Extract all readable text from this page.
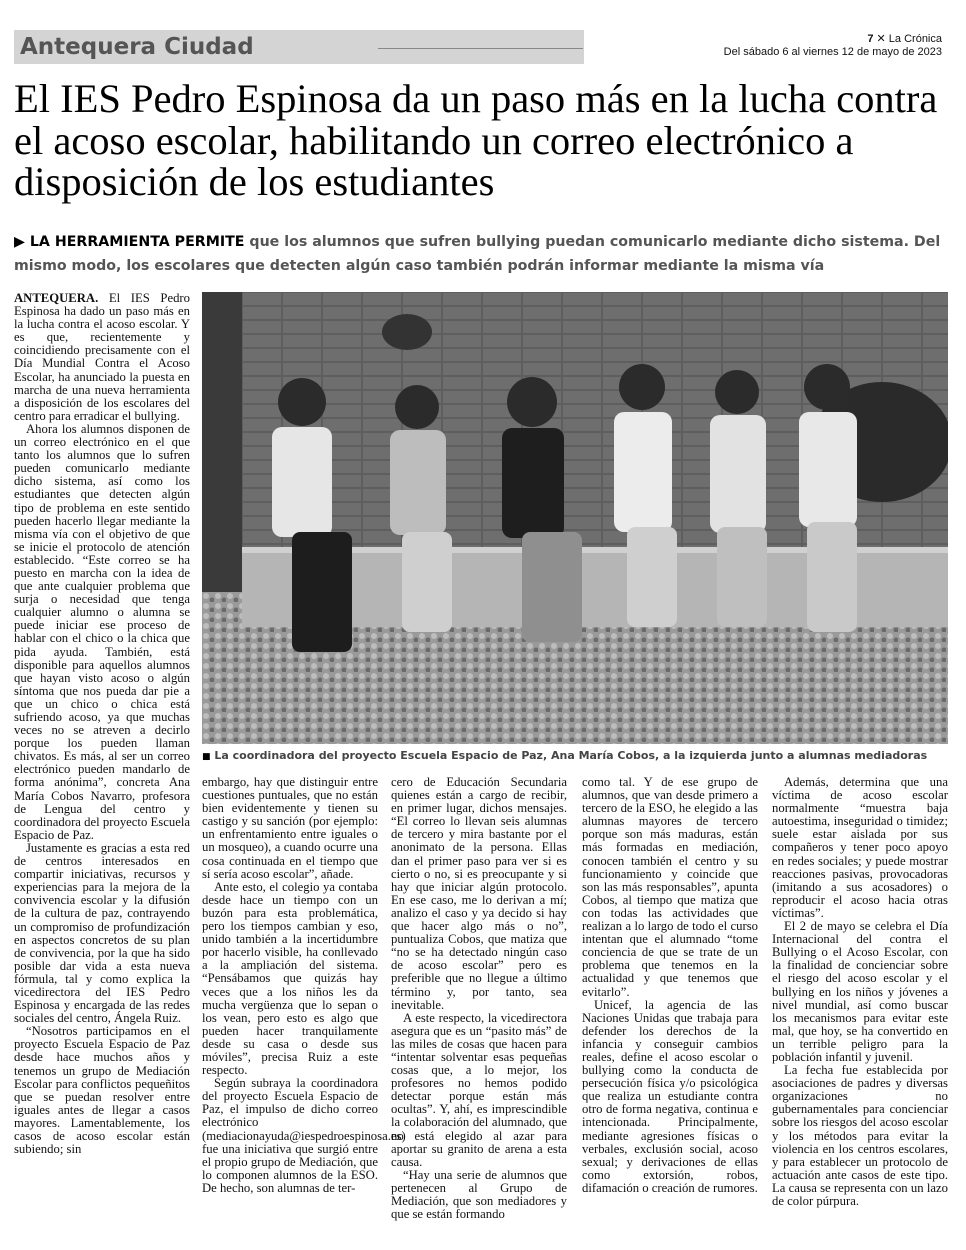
Antequera Ciudad	7 ✕ La Crónica
Del sábado 6 al viernes 12 de mayo de 2023
El IES Pedro Espinosa da un paso más en la lucha contra el acoso escolar, habilitando un correo electrónico a disposición de los estudiantes
▶ LA HERRAMIENTA PERMITE que los alumnos que sufren bullying puedan comunicarlo mediante dicho sistema. Del mismo modo, los escolares que detecten algún caso también podrán informar mediante la misma vía
■ La coordinadora del proyecto Escuela Espacio de Paz, Ana María Cobos, a la izquierda junto a alumnas mediadoras

ANTEQUERA. El IES Pedro Espinosa ha dado un paso más en la lucha contra el acoso escolar. Y es que, recientemente y coincidiendo precisamente con el Día Mundial Contra el Acoso Escolar, ha anunciado la puesta en marcha de una nueva herramienta a disposición de los escolares del centro para erradicar el bullying.

Ahora los alumnos disponen de un correo electrónico en el que tanto los alumnos que lo sufren pueden comunicarlo mediante dicho sistema, así como los estudiantes que detecten algún tipo de problema en este sentido pueden hacerlo llegar mediante la misma vía con el objetivo de que se inicie el protocolo de atención establecido. “Este correo se ha puesto en marcha con la idea de que ante cualquier problema que surja o necesidad que tenga cualquier alumno o alumna se puede iniciar ese proceso de hablar con el chico o la chica que pida ayuda. También, está disponible para aquellos alumnos que hayan visto acoso o algún síntoma que nos pueda dar pie a que un chico o chica está sufriendo acoso, ya que muchas veces no se atreven a decirlo porque los pueden llaman chivatos. Es más, al ser un correo electrónico pueden mandarlo de forma anónima”, concreta Ana María Cobos Navarro, profesora de Lengua del centro y coordinadora del proyecto Escuela Espacio de Paz.

Justamente es gracias a esta red de centros interesados en compartir iniciativas, recursos y experiencias para la mejora de la convivencia escolar y la difusión de la cultura de paz, contrayendo un compromiso de profundización en aspectos concretos de su plan de convivencia, por la que ha sido posible dar vida a esta nueva fórmula, tal y como explica la vicedirectora del IES Pedro Espinosa y encargada de las redes sociales del centro, Ángela Ruiz.

“Nosotros participamos en el proyecto Escuela Espacio de Paz desde hace muchos años y tenemos un grupo de Mediación Escolar para conflictos pequeñitos que se puedan resolver entre iguales antes de llegar a casos mayores. Lamentablemente, los casos de acoso escolar están subiendo; sin

embargo, hay que distinguir entre cuestiones puntuales, que no están bien evidentemente y tienen su castigo y su sanción (por ejemplo: un enfrentamiento entre iguales o un mosqueo), a cuando ocurre una cosa continuada en el tiempo que sí sería acoso escolar”, añade.

Ante esto, el colegio ya contaba desde hace un tiempo con un buzón para esta problemática, pero los tiempos cambian y eso, unido también a la incertidumbre por hacerlo visible, ha conllevado a la ampliación del sistema. “Pensábamos que quizás hay veces que a los niños les da mucha vergüenza que lo sepan o los vean, pero esto es algo que pueden hacer tranquilamente desde su casa o desde sus móviles”, precisa Ruiz a este respecto.

Según subraya la coordinadora del proyecto Escuela Espacio de Paz, el impulso de dicho correo electrónico (mediacionayuda@iespedroespinosa.es) fue una iniciativa que surgió entre el propio grupo de Mediación, que lo componen alumnos de la ESO. De hecho, son alumnas de ter-

cero de Educación Secundaria quienes están a cargo de recibir, en primer lugar, dichos mensajes. “El correo lo llevan seis alumnas de tercero y mira bastante por el anonimato de la persona. Ellas dan el primer paso para ver si es cierto o no, si es preocupante y si hay que iniciar algún protocolo. En ese caso, me lo derivan a mí; analizo el caso y ya decido si hay que hacer algo más o no”, puntualiza Cobos, que matiza que “no se ha detectado ningún caso de acoso escolar” pero es preferible que no llegue a último término y, por tanto, sea inevitable.

A este respecto, la vicedirectora asegura que es un “pasito más” de las miles de cosas que hacen para “intentar solventar esas pequeñas cosas que, a lo mejor, los profesores no hemos podido detectar porque están más ocultas”. Y, ahí, es imprescindible la colaboración del alumnado, que no está elegido al azar para aportar su granito de arena a esta causa.

“Hay una serie de alumnos que pertenecen al Grupo de Mediación, que son mediadores y que se están formando

como tal. Y de ese grupo de alumnos, que van desde primero a tercero de la ESO, he elegido a las alumnas mayores de tercero porque son más maduras, están más formadas en mediación, conocen también el centro y su funcionamiento y coincide que son las más responsables”, apunta Cobos, al tiempo que matiza que con todas las actividades que realizan a lo largo de todo el curso intentan que el alumnado “tome conciencia de que se trate de un problema que tenemos en la actualidad y que tenemos que evitarlo”.

Unicef, la agencia de las Naciones Unidas que trabaja para defender los derechos de la infancia y conseguir cambios reales, define el acoso escolar o bullying como la conducta de persecución física y/o psicológica que realiza un estudiante contra otro de forma negativa, continua e intencionada. Principalmente, mediante agresiones físicas o verbales, exclusión social, acoso sexual; y derivaciones de ellas como extorsión, robos, difamación o creación de rumores.

Además, determina que una víctima de acoso escolar normalmente “muestra baja autoestima, inseguridad o timidez; suele estar aislada por sus compañeros y tener poco apoyo en redes sociales; y puede mostrar reacciones pasivas, provocadoras (imitando a sus acosadores) o reproducir el acoso hacia otras víctimas”.

El 2 de mayo se celebra el Día Internacional del contra el Bullying o el Acoso Escolar, con la finalidad de concienciar sobre el riesgo del acoso escolar y el bullying en los niños y jóvenes a nivel mundial, así como buscar los mecanismos para evitar este mal, que hoy, se ha convertido en un terrible peligro para la población infantil y juvenil.

La fecha fue establecida por asociaciones de padres y diversas organizaciones no gubernamentales para concienciar sobre los riesgos del acoso escolar y los métodos para evitar la violencia en los centros escolares, y para establecer un protocolo de actuación ante casos de este tipo. La causa se representa con un lazo de color púrpura.
